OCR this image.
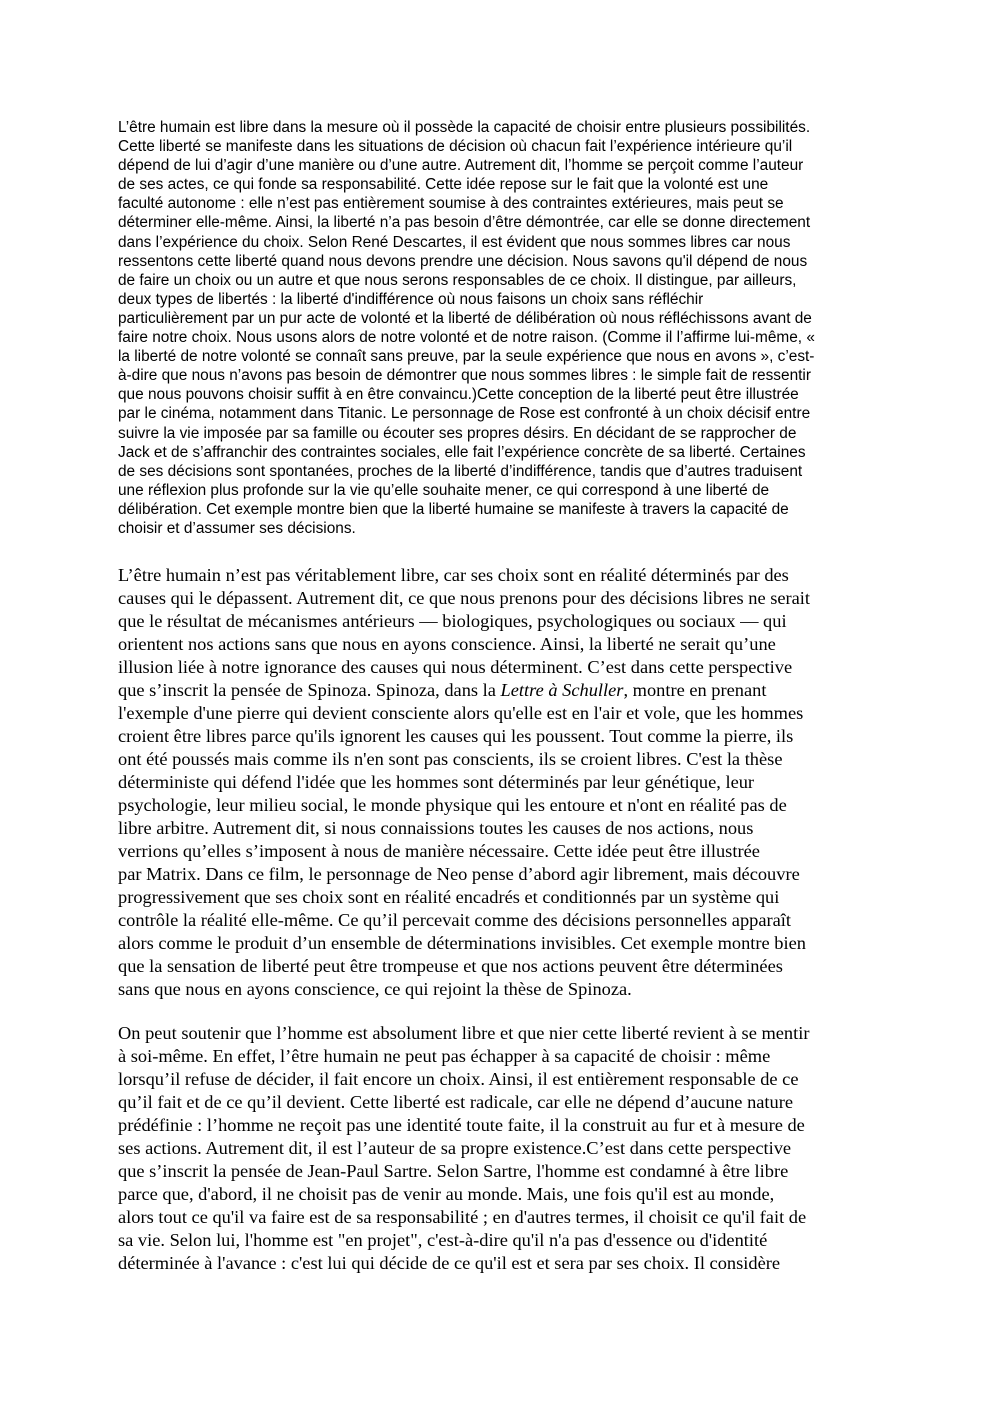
L’être humain est libre dans la mesure où il possède la capacité de choisir entre plusieurs possibilités.
Cette liberté se manifeste dans les situations de décision où chacun fait l’expérience intérieure qu’il
dépend de lui d’agir d’une manière ou d’une autre. Autrement dit, l’homme se perçoit comme l’auteur
de ses actes, ce qui fonde sa responsabilité. Cette idée repose sur le fait que la volonté est une
faculté autonome : elle n’est pas entièrement soumise à des contraintes extérieures, mais peut se
déterminer elle-même. Ainsi, la liberté n’a pas besoin d’être démontrée, car elle se donne directement
dans l’expérience du choix. Selon René Descartes, il est évident que nous sommes libres car nous
ressentons cette liberté quand nous devons prendre une décision. Nous savons qu'il dépend de nous
de faire un choix ou un autre et que nous serons responsables de ce choix. Il distingue, par ailleurs,
deux types de libertés : la liberté d'indifférence où nous faisons un choix sans réfléchir
particulièrement par un pur acte de volonté et la liberté de délibération où nous réfléchissons avant de
faire notre choix. Nous usons alors de notre volonté et de notre raison. (Comme il l’affirme lui-même, «
la liberté de notre volonté se connaît sans preuve, par la seule expérience que nous en avons », c’est-
à-dire que nous n’avons pas besoin de démontrer que nous sommes libres : le simple fait de ressentir
que nous pouvons choisir suffit à en être convaincu.)Cette conception de la liberté peut être illustrée
par le cinéma, notamment dans Titanic. Le personnage de Rose est confronté à un choix décisif entre
suivre la vie imposée par sa famille ou écouter ses propres désirs. En décidant de se rapprocher de
Jack et de s’affranchir des contraintes sociales, elle fait l’expérience concrète de sa liberté. Certaines
de ses décisions sont spontanées, proches de la liberté d’indifférence, tandis que d’autres traduisent
une réflexion plus profonde sur la vie qu’elle souhaite mener, ce qui correspond à une liberté de
délibération. Cet exemple montre bien que la liberté humaine se manifeste à travers la capacité de
choisir et d’assumer ses décisions.

L’être humain n’est pas véritablement libre, car ses choix sont en réalité déterminés par des
causes qui le dépassent. Autrement dit, ce que nous prenons pour des décisions libres ne serait
que le résultat de mécanismes antérieurs — biologiques, psychologiques ou sociaux — qui
orientent nos actions sans que nous en ayons conscience. Ainsi, la liberté ne serait qu’une
illusion liée à notre ignorance des causes qui nous déterminent. C’est dans cette perspective
que s’inscrit la pensée de Spinoza. Spinoza, dans la Lettre à Schuller, montre en prenant
l'exemple d'une pierre qui devient consciente alors qu'elle est en l'air et vole, que les hommes
croient être libres parce qu'ils ignorent les causes qui les poussent. Tout comme la pierre, ils
ont été poussés mais comme ils n'en sont pas conscients, ils se croient libres. C'est la thèse
déterministe qui défend l'idée que les hommes sont déterminés par leur génétique, leur
psychologie, leur milieu social, le monde physique qui les entoure et n'ont en réalité pas de
libre arbitre. Autrement dit, si nous connaissions toutes les causes de nos actions, nous
verrions qu’elles s’imposent à nous de manière nécessaire. Cette idée peut être illustrée
par Matrix. Dans ce film, le personnage de Neo pense d’abord agir librement, mais découvre
progressivement que ses choix sont en réalité encadrés et conditionnés par un système qui
contrôle la réalité elle-même. Ce qu’il percevait comme des décisions personnelles apparaît
alors comme le produit d’un ensemble de déterminations invisibles. Cet exemple montre bien
que la sensation de liberté peut être trompeuse et que nos actions peuvent être déterminées
sans que nous en ayons conscience, ce qui rejoint la thèse de Spinoza.

On peut soutenir que l’homme est absolument libre et que nier cette liberté revient à se mentir
à soi-même. En effet, l’être humain ne peut pas échapper à sa capacité de choisir : même
lorsqu’il refuse de décider, il fait encore un choix. Ainsi, il est entièrement responsable de ce
qu’il fait et de ce qu’il devient. Cette liberté est radicale, car elle ne dépend d’aucune nature
prédéfinie : l’homme ne reçoit pas une identité toute faite, il la construit au fur et à mesure de
ses actions. Autrement dit, il est l’auteur de sa propre existence.C’est dans cette perspective
que s’inscrit la pensée de Jean-Paul Sartre. Selon Sartre, l'homme est condamné à être libre
parce que, d'abord, il ne choisit pas de venir au monde. Mais, une fois qu'il est au monde,
alors tout ce qu'il va faire est de sa responsabilité ; en d'autres termes, il choisit ce qu'il fait de
sa vie. Selon lui, l'homme est "en projet", c'est-à-dire qu'il n'a pas d'essence ou d'identité
déterminée à l'avance : c'est lui qui décide de ce qu'il est et sera par ses choix. Il considère
